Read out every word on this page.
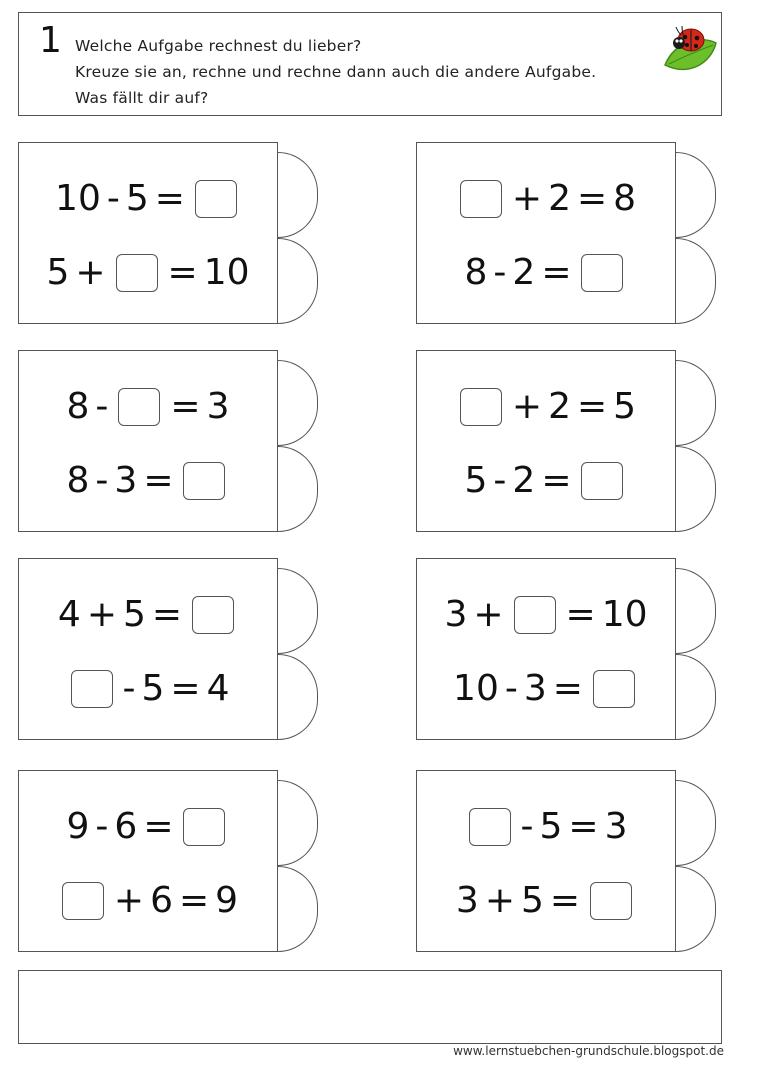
1 Welche Aufgabe rechnest du lieber?
Kreuze sie an, rechne und rechne dann auch die andere Aufgabe.
Was fällt dir auf?
10 - 5 =
5 + = 10
8 - = 3
8 - 3 =
4 + 5 =
- 5 = 4
9 - 6 =
+ 6 = 9
+ 2 = 8
8 - 2 =
+ 2 = 5
5 - 2 =
3 + = 10
10 - 3 =
- 5 = 3
3 + 5 =
www.lernstuebchen-grundschule.blogspot.de
